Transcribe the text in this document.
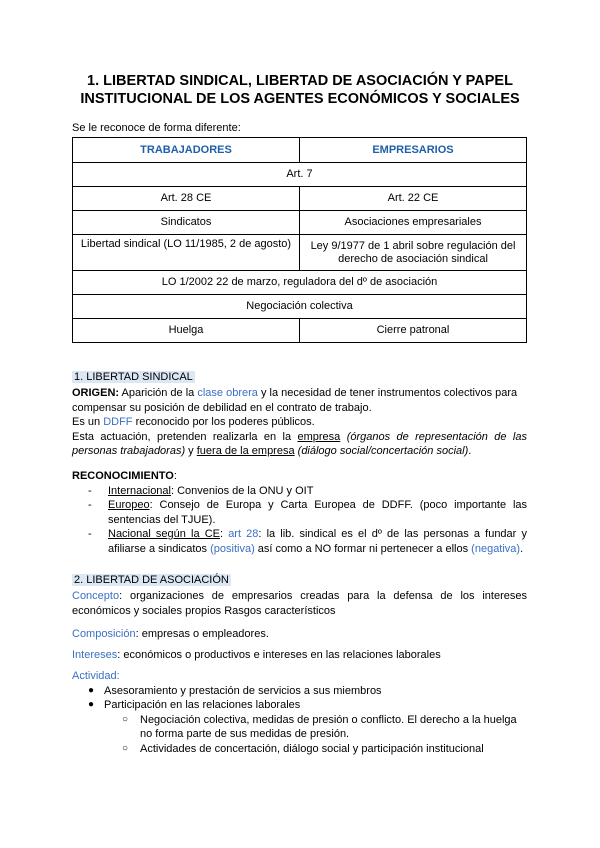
1. LIBERTAD SINDICAL, LIBERTAD DE ASOCIACIÓN Y PAPEL
INSTITUCIONAL DE LOS AGENTES ECONÓMICOS Y SOCIALES
Se le reconoce de forma diferente:
TRABAJADORES	EMPRESARIOS
Art. 7	
Art. 28 CE	Art. 22 CE
Sindicatos	Asociaciones empresariales
Libertad sindical (LO 11/1985, 2 de agosto)	Ley 9/1977 de 1 abril sobre regulación del derecho de asociación sindical
LO 1/2002 22 de marzo, reguladora del dº de asociación	
Negociación colectiva	
Huelga	Cierre patronal
1. LIBERTAD SINDICAL
ORIGEN: Aparición de la clase obrera y la necesidad de tener instrumentos colectivos para compensar su posición de debilidad en el contrato de trabajo.
Es un DDFF reconocido por los poderes públicos.
Esta actuación, pretenden realizarla en la empresa (órganos de representación de las personas trabajadoras) y fuera de la empresa (diálogo social/concertación social).
RECONOCIMIENTO:
- Internacional: Convenios de la ONU y OIT
- Europeo: Consejo de Europa y Carta Europea de DDFF. (poco importante las sentencias del TJUE).
- Nacional según la CE: art 28: la lib. sindical es el dº de las personas a fundar y afiliarse a sindicatos (positiva) así como a NO formar ni pertenecer a ellos (negativa).
2. LIBERTAD DE ASOCIACIÓN
Concepto: organizaciones de empresarios creadas para la defensa de los intereses económicos y sociales propios Rasgos característicos
Composición: empresas o empleadores.
Intereses: económicos o productivos e intereses en las relaciones laborales
Actividad:
● Asesoramiento y prestación de servicios a sus miembros
● Participación en las relaciones laborales
○ Negociación colectiva, medidas de presión o conflicto. El derecho a la huelga no forma parte de sus medidas de presión.
○ Actividades de concertación, diálogo social y participación institucional
